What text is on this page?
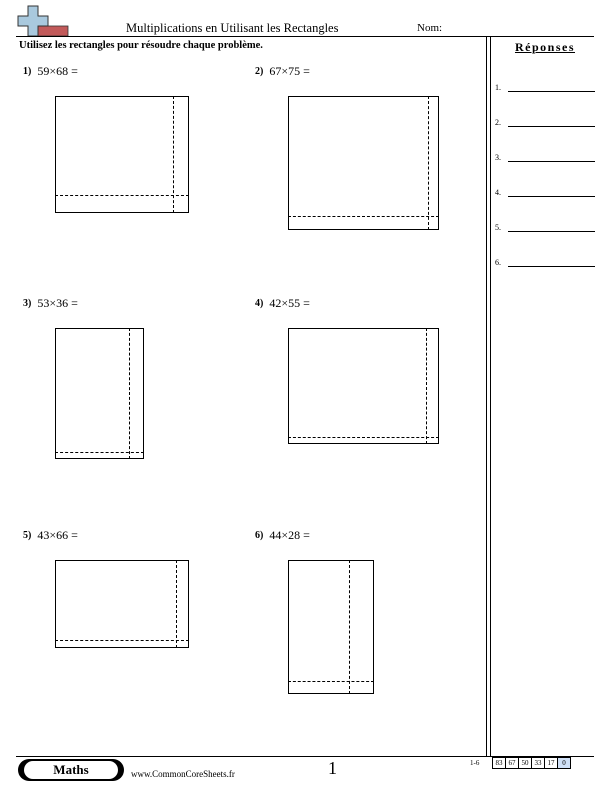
Multiplications en Utilisant les Rectangles	Nom:
Utilisez les rectangles pour résoudre chaque problème.	Réponses
1.
2.
3.
4.
5.
6.
1) 59×68 =	2) 67×75 =
3) 53×36 =	4) 42×55 =
5) 43×66 =	6) 44×28 =
Maths	www.CommonCoreSheets.fr	1	1-6	83 67 50 33 17	0
